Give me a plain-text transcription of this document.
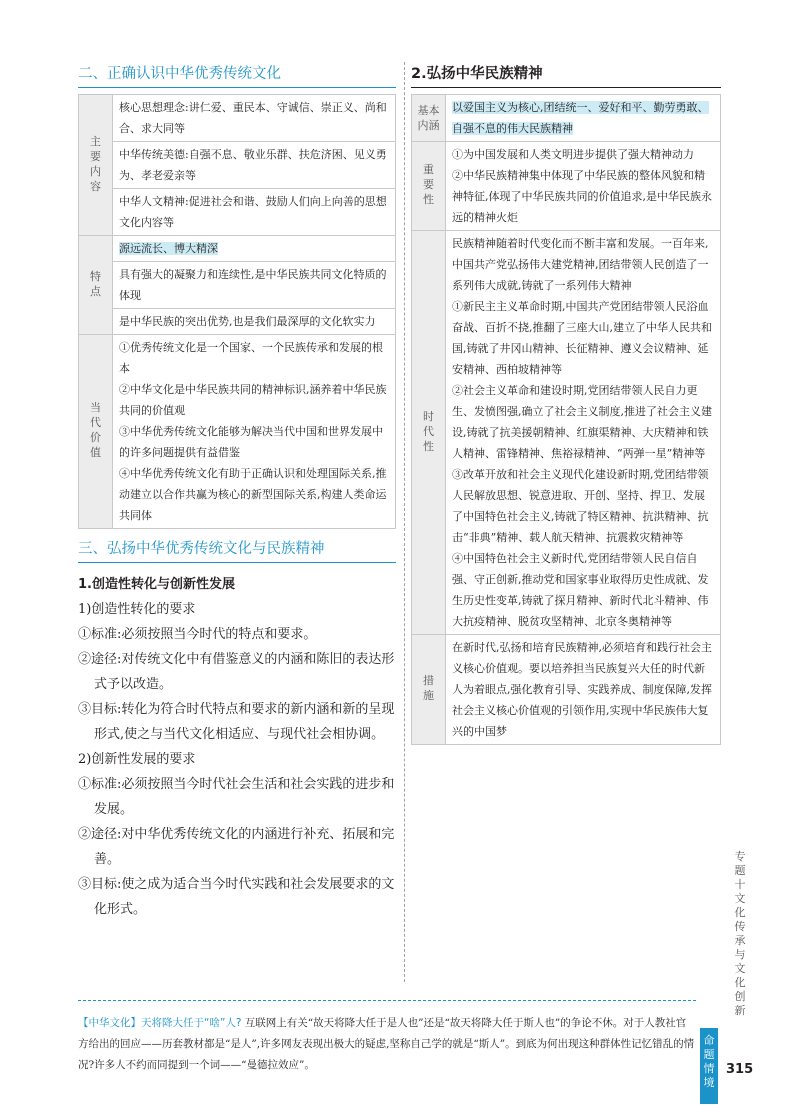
二、正确认识中华优秀传统文化
主要内容	核心思想理念:讲仁爱、重民本、守诚信、崇正义、尚和合、求大同等
	中华传统美德:自强不息、敬业乐群、扶危济困、见义勇为、孝老爱亲等
	中华人文精神:促进社会和谐、鼓励人们向上向善的思想文化内容等
特点	源远流长、博大精深
	具有强大的凝聚力和连续性,是中华民族共同文化特质的体现
	是中华民族的突出优势,也是我们最深厚的文化软实力
当代价值	①优秀传统文化是一个国家、一个民族传承和发展的根本
②中华文化是中华民族共同的精神标识,涵养着中华民族共同的价值观
③中华优秀传统文化能够为解决当代中国和世界发展中的许多问题提供有益借鉴
④中华优秀传统文化有助于正确认识和处理国际关系,推动建立以合作共赢为核心的新型国际关系,构建人类命运共同体
三、弘扬中华优秀传统文化与民族精神
1.创造性转化与创新性发展
1)创造性转化的要求
①标准:必须按照当今时代的特点和要求。
②途径:对传统文化中有借鉴意义的内涵和陈旧的表达形式予以改造。
③目标:转化为符合时代特点和要求的新内涵和新的呈现形式,使之与当代文化相适应、与现代社会相协调。
2)创新性发展的要求
①标准:必须按照当今时代社会生活和社会实践的进步和发展。
②途径:对中华优秀传统文化的内涵进行补充、拓展和完善。
③目标:使之成为适合当今时代实践和社会发展要求的文化形式。
2.弘扬中华民族精神
基本内涵	以爱国主义为核心,团结统一、爱好和平、勤劳勇敢、自强不息的伟大民族精神
重要性	①为中国发展和人类文明进步提供了强大精神动力
②中华民族精神集中体现了中华民族的整体风貌和精神特征,体现了中华民族共同的价值追求,是中华民族永远的精神火炬
时代性	民族精神随着时代变化而不断丰富和发展。一百年来,中国共产党弘扬伟大建党精神,团结带领人民创造了一系列伟大成就,铸就了一系列伟大精神
①新民主主义革命时期,中国共产党团结带领人民浴血奋战、百折不挠,推翻了三座大山,建立了中华人民共和国,铸就了井冈山精神、长征精神、遵义会议精神、延安精神、西柏坡精神等
②社会主义革命和建设时期,党团结带领人民自力更生、发愤图强,确立了社会主义制度,推进了社会主义建设,铸就了抗美援朝精神、红旗渠精神、大庆精神和铁人精神、雷锋精神、焦裕禄精神、“两弹一星”精神等
③改革开放和社会主义现代化建设新时期,党团结带领人民解放思想、锐意进取、开创、坚持、捍卫、发展了中国特色社会主义,铸就了特区精神、抗洪精神、抗击“非典”精神、载人航天精神、抗震救灾精神等
④中国特色社会主义新时代,党团结带领人民自信自强、守正创新,推动党和国家事业取得历史性成就、发生历史性变革,铸就了探月精神、新时代北斗精神、伟大抗疫精神、脱贫攻坚精神、北京冬奥精神等
措施	在新时代,弘扬和培育民族精神,必须培育和践行社会主义核心价值观。要以培养担当民族复兴大任的时代新人为着眼点,强化教育引导、实践养成、制度保障,发挥社会主义核心价值观的引领作用,实现中华民族伟大复兴的中国梦
【中华文化】天将降大任于“啥”人? 互联网上有关“故天将降大任于是人也”还是“故天将降大任于斯人也”的争论不休。对于人教社官方给出的回应——历套教材都是“是人”,许多网友表现出极大的疑虑,坚称自己学的就是“斯人”。到底为何出现这种群体性记忆错乱的情况?许多人不约而同提到一个词——“曼德拉效应”。
专题十 文化传承与文化创新
命题情境
315
